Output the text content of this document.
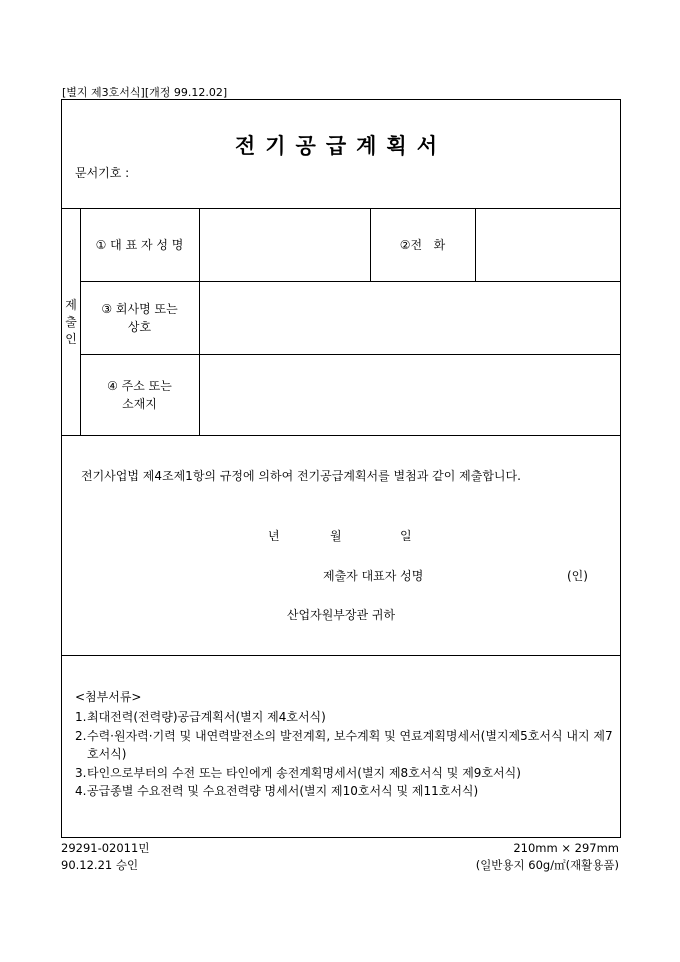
[별지 제3호서식][개정 99.12.02]
전기공급계획서
문서기호 :
제
출
인
① 대 표 자 성 명	②전   화
③ 회사명 또는
상호
④ 주소 또는
소재지
전기사업법 제4조제1항의 규정에 의하여 전기공급계획서를 별첨과 같이 제출합니다.
년	월	일
제출자 대표자 성명	(인)
산업자원부장관 귀하
<첨부서류>
1. 최대전력(전력량)공급계획서(별지 제4호서식)
2. 수력·원자력·기력 및 내연력발전소의 발전계획, 보수계획 및 연료계획명세서(별지제5호서식 내지 제7호서식)
3. 타인으로부터의 수전 또는 타인에게 송전계획명세서(별지 제8호서식 및 제9호서식)
4. 공급종별 수요전력 및 수요전력량 명세서(별지 제10호서식 및 제11호서식)
29291-02011민
90.12.21 승인
210mm × 297mm
(일반용지 60g/㎡(재활용품)
